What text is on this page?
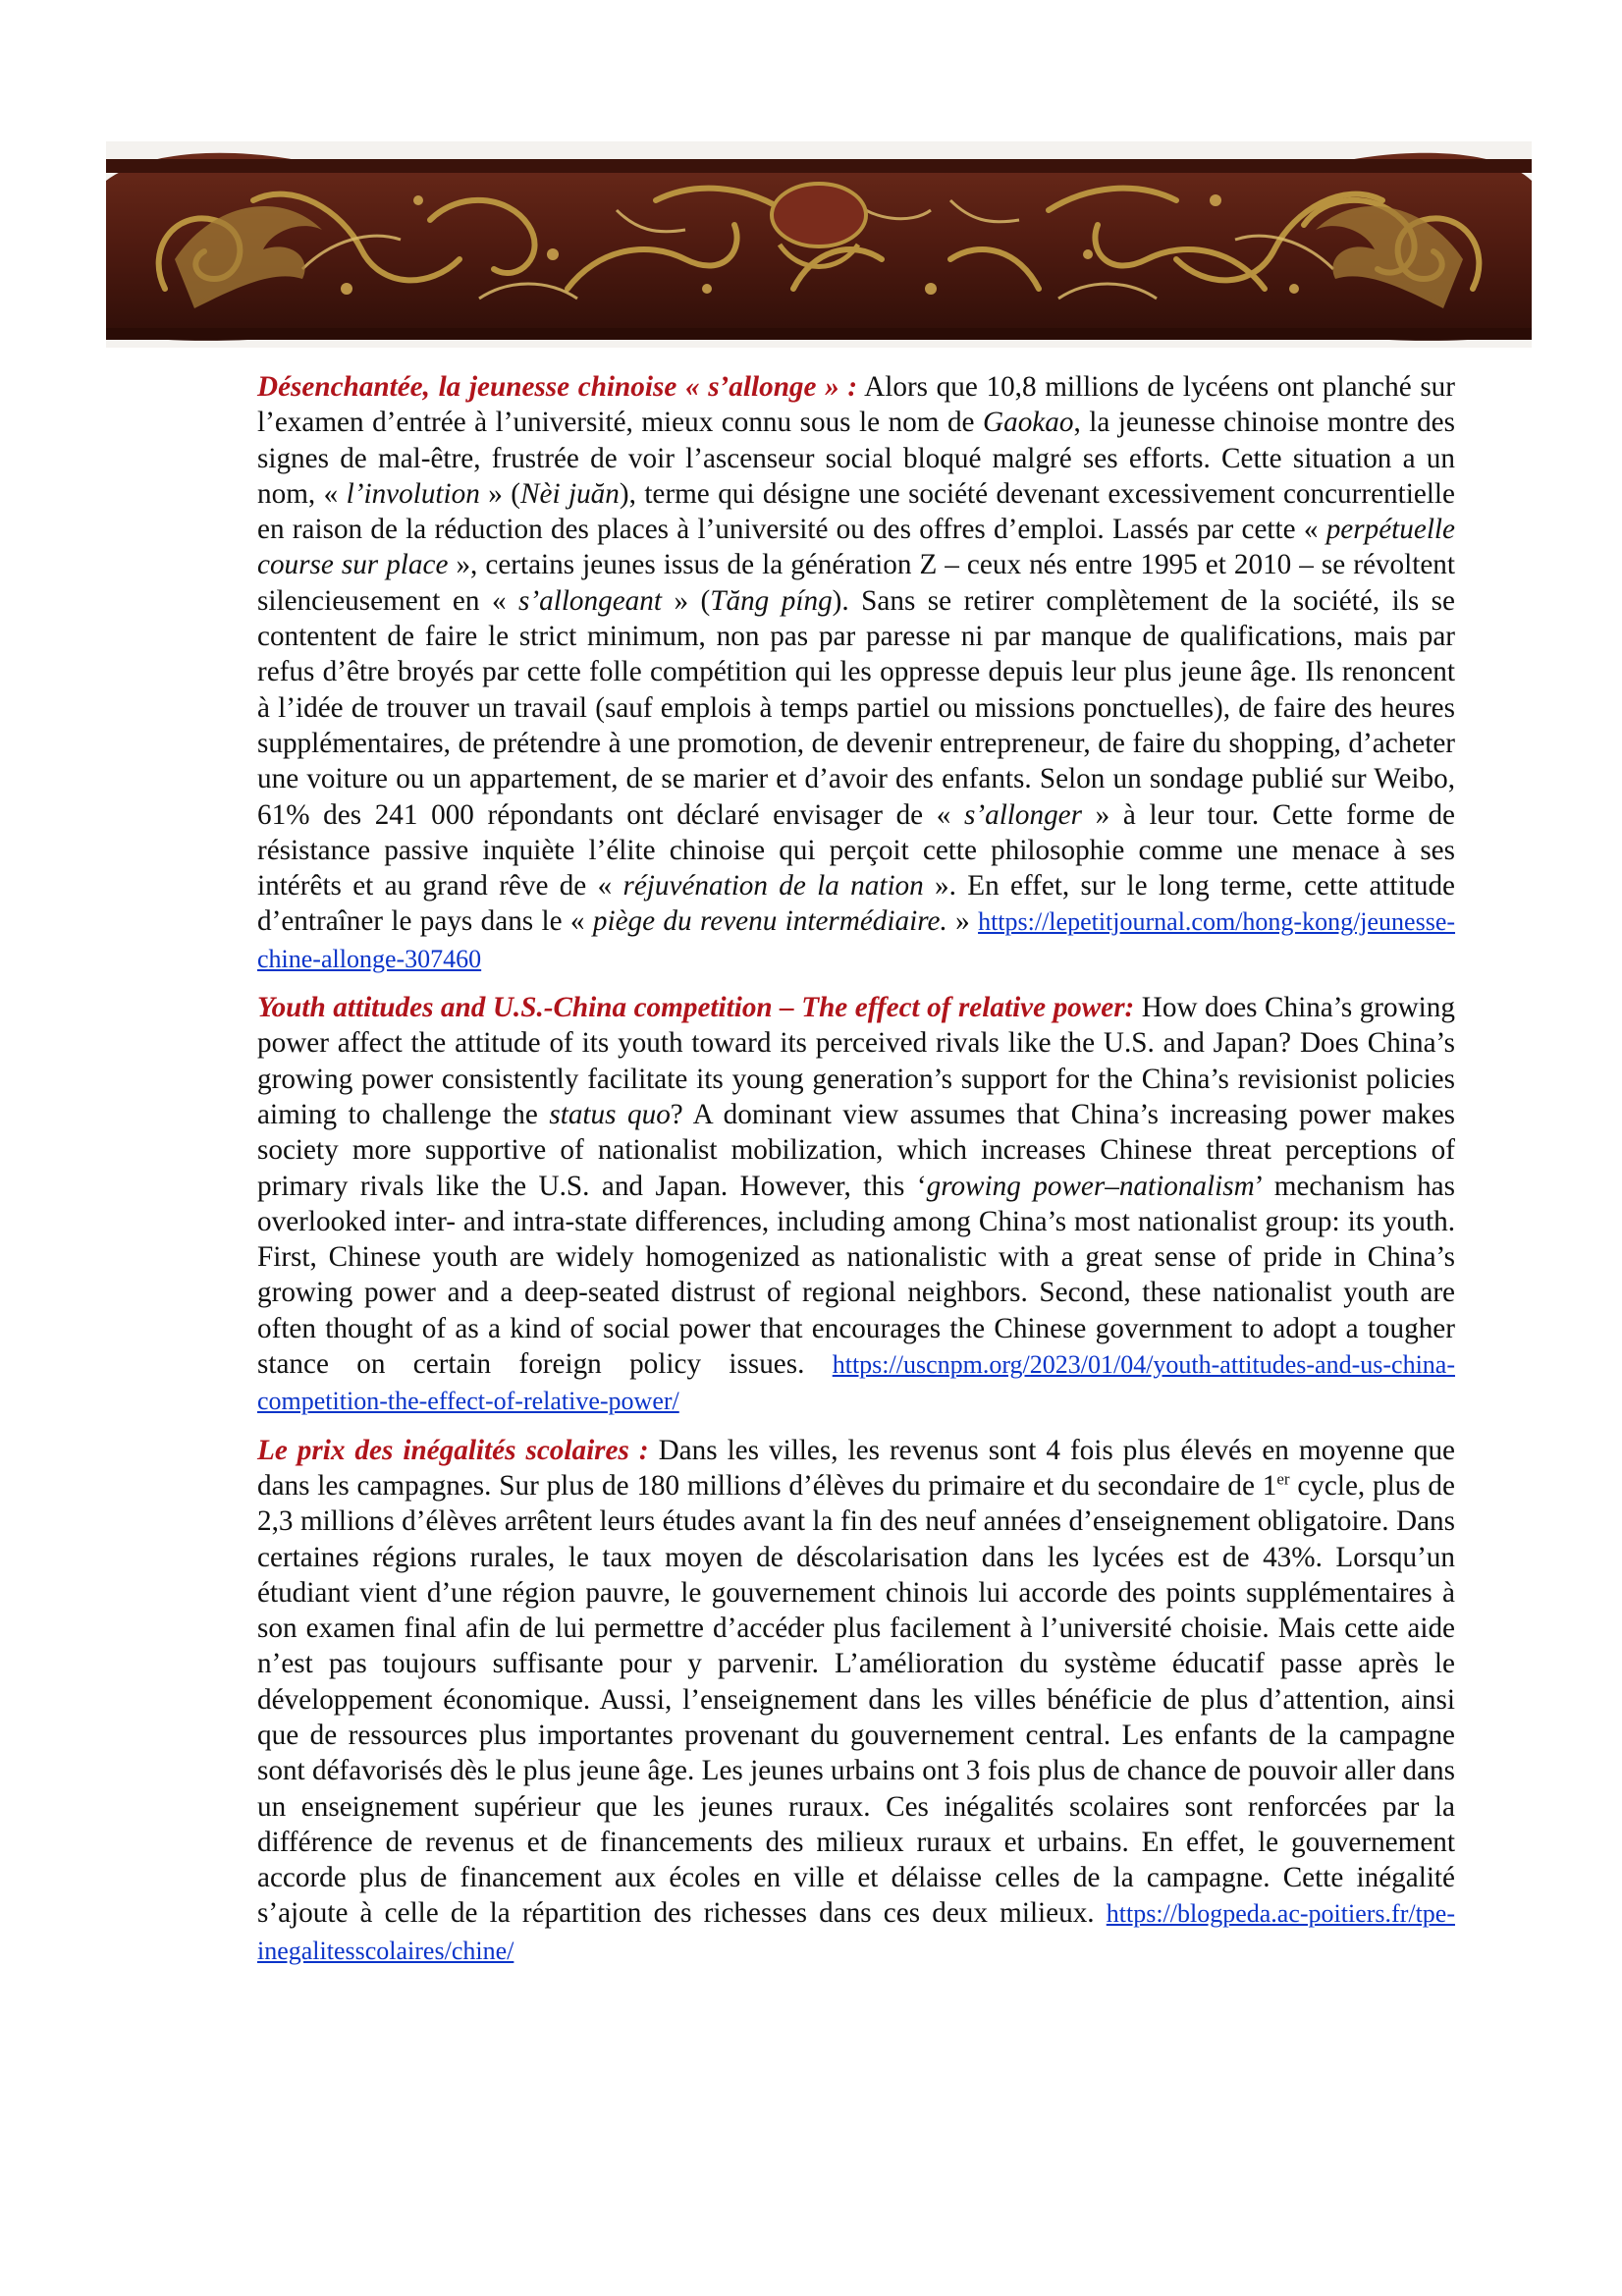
Désenchantée, la jeunesse chinoise « s’allonge » : Alors que 10,8 millions de lycéens ont planché sur l’examen d’entrée à l’université, mieux connu sous le nom de Gaokao, la jeunesse chinoise montre des signes de mal-être, frustrée de voir l’ascenseur social bloqué malgré ses efforts. Cette situation a un nom, « l’involution » (Nèi juăn), terme qui désigne une société devenant excessivement concurrentielle en raison de la réduction des places à l’université ou des offres d’emploi. Lassés par cette « perpétuelle course sur place », certains jeunes issus de la génération Z – ceux nés entre 1995 et 2010 – se révoltent silencieusement en « s’allongeant » (Tăng píng). Sans se retirer complètement de la société, ils se contentent de faire le strict minimum, non pas par paresse ni par manque de qualifications, mais par refus d’être broyés par cette folle compétition qui les oppresse depuis leur plus jeune âge. Ils renoncent à l’idée de trouver un travail (sauf emplois à temps partiel ou missions ponctuelles), de faire des heures supplémentaires, de prétendre à une promotion, de devenir entrepreneur, de faire du shopping, d’acheter une voiture ou un appartement, de se marier et d’avoir des enfants. Selon un sondage publié sur Weibo, 61% des 241 000 répondants ont déclaré envisager de « s’allonger » à leur tour. Cette forme de résistance passive inquiète l’élite chinoise qui perçoit cette philosophie comme une menace à ses intérêts et au grand rêve de « réjuvénation de la nation ». En effet, sur le long terme, cette attitude d’entraîner le pays dans le « piège du revenu intermédiaire. » https://lepetitjournal.com/hong-kong/jeunesse-chine-allonge-307460

Youth attitudes and U.S.-China competition – The effect of relative power: How does China’s growing power affect the attitude of its youth toward its perceived rivals like the U.S. and Japan? Does China’s growing power consistently facilitate its young generation’s support for the China’s revisionist policies aiming to challenge the status quo? A dominant view assumes that China’s increasing power makes society more supportive of nationalist mobilization, which increases Chinese threat perceptions of primary rivals like the U.S. and Japan. However, this ‘growing power–nationalism’ mechanism has overlooked inter- and intra-state differences, including among China’s most nationalist group: its youth. First, Chinese youth are widely homogenized as nationalistic with a great sense of pride in China’s growing power and a deep-seated distrust of regional neighbors. Second, these nationalist youth are often thought of as a kind of social power that encourages the Chinese government to adopt a tougher stance on certain foreign policy issues. https://uscnpm.org/2023/01/04/youth-attitudes-and-us-china-competition-the-effect-of-relative-power/

Le prix des inégalités scolaires : Dans les villes, les revenus sont 4 fois plus élevés en moyenne que dans les campagnes. Sur plus de 180 millions d’élèves du primaire et du secondaire de 1er cycle, plus de 2,3 millions d’élèves arrêtent leurs études avant la fin des neuf années d’enseignement obligatoire. Dans certaines régions rurales, le taux moyen de déscolarisation dans les lycées est de 43%. Lorsqu’un étudiant vient d’une région pauvre, le gouvernement chinois lui accorde des points supplémentaires à son examen final afin de lui permettre d’accéder plus facilement à l’université choisie. Mais cette aide n’est pas toujours suffisante pour y parvenir. L’amélioration du système éducatif passe après le développement économique. Aussi, l’enseignement dans les villes bénéficie de plus d’attention, ainsi que de ressources plus importantes provenant du gouvernement central. Les enfants de la campagne sont défavorisés dès le plus jeune âge. Les jeunes urbains ont 3 fois plus de chance de pouvoir aller dans un enseignement supérieur que les jeunes ruraux. Ces inégalités scolaires sont renforcées par la différence de revenus et de financements des milieux ruraux et urbains. En effet, le gouvernement accorde plus de financement aux écoles en ville et délaisse celles de la campagne. Cette inégalité s’ajoute à celle de la répartition des richesses dans ces deux milieux. https://blogpeda.ac-poitiers.fr/tpe-inegalitesscolaires/chine/
